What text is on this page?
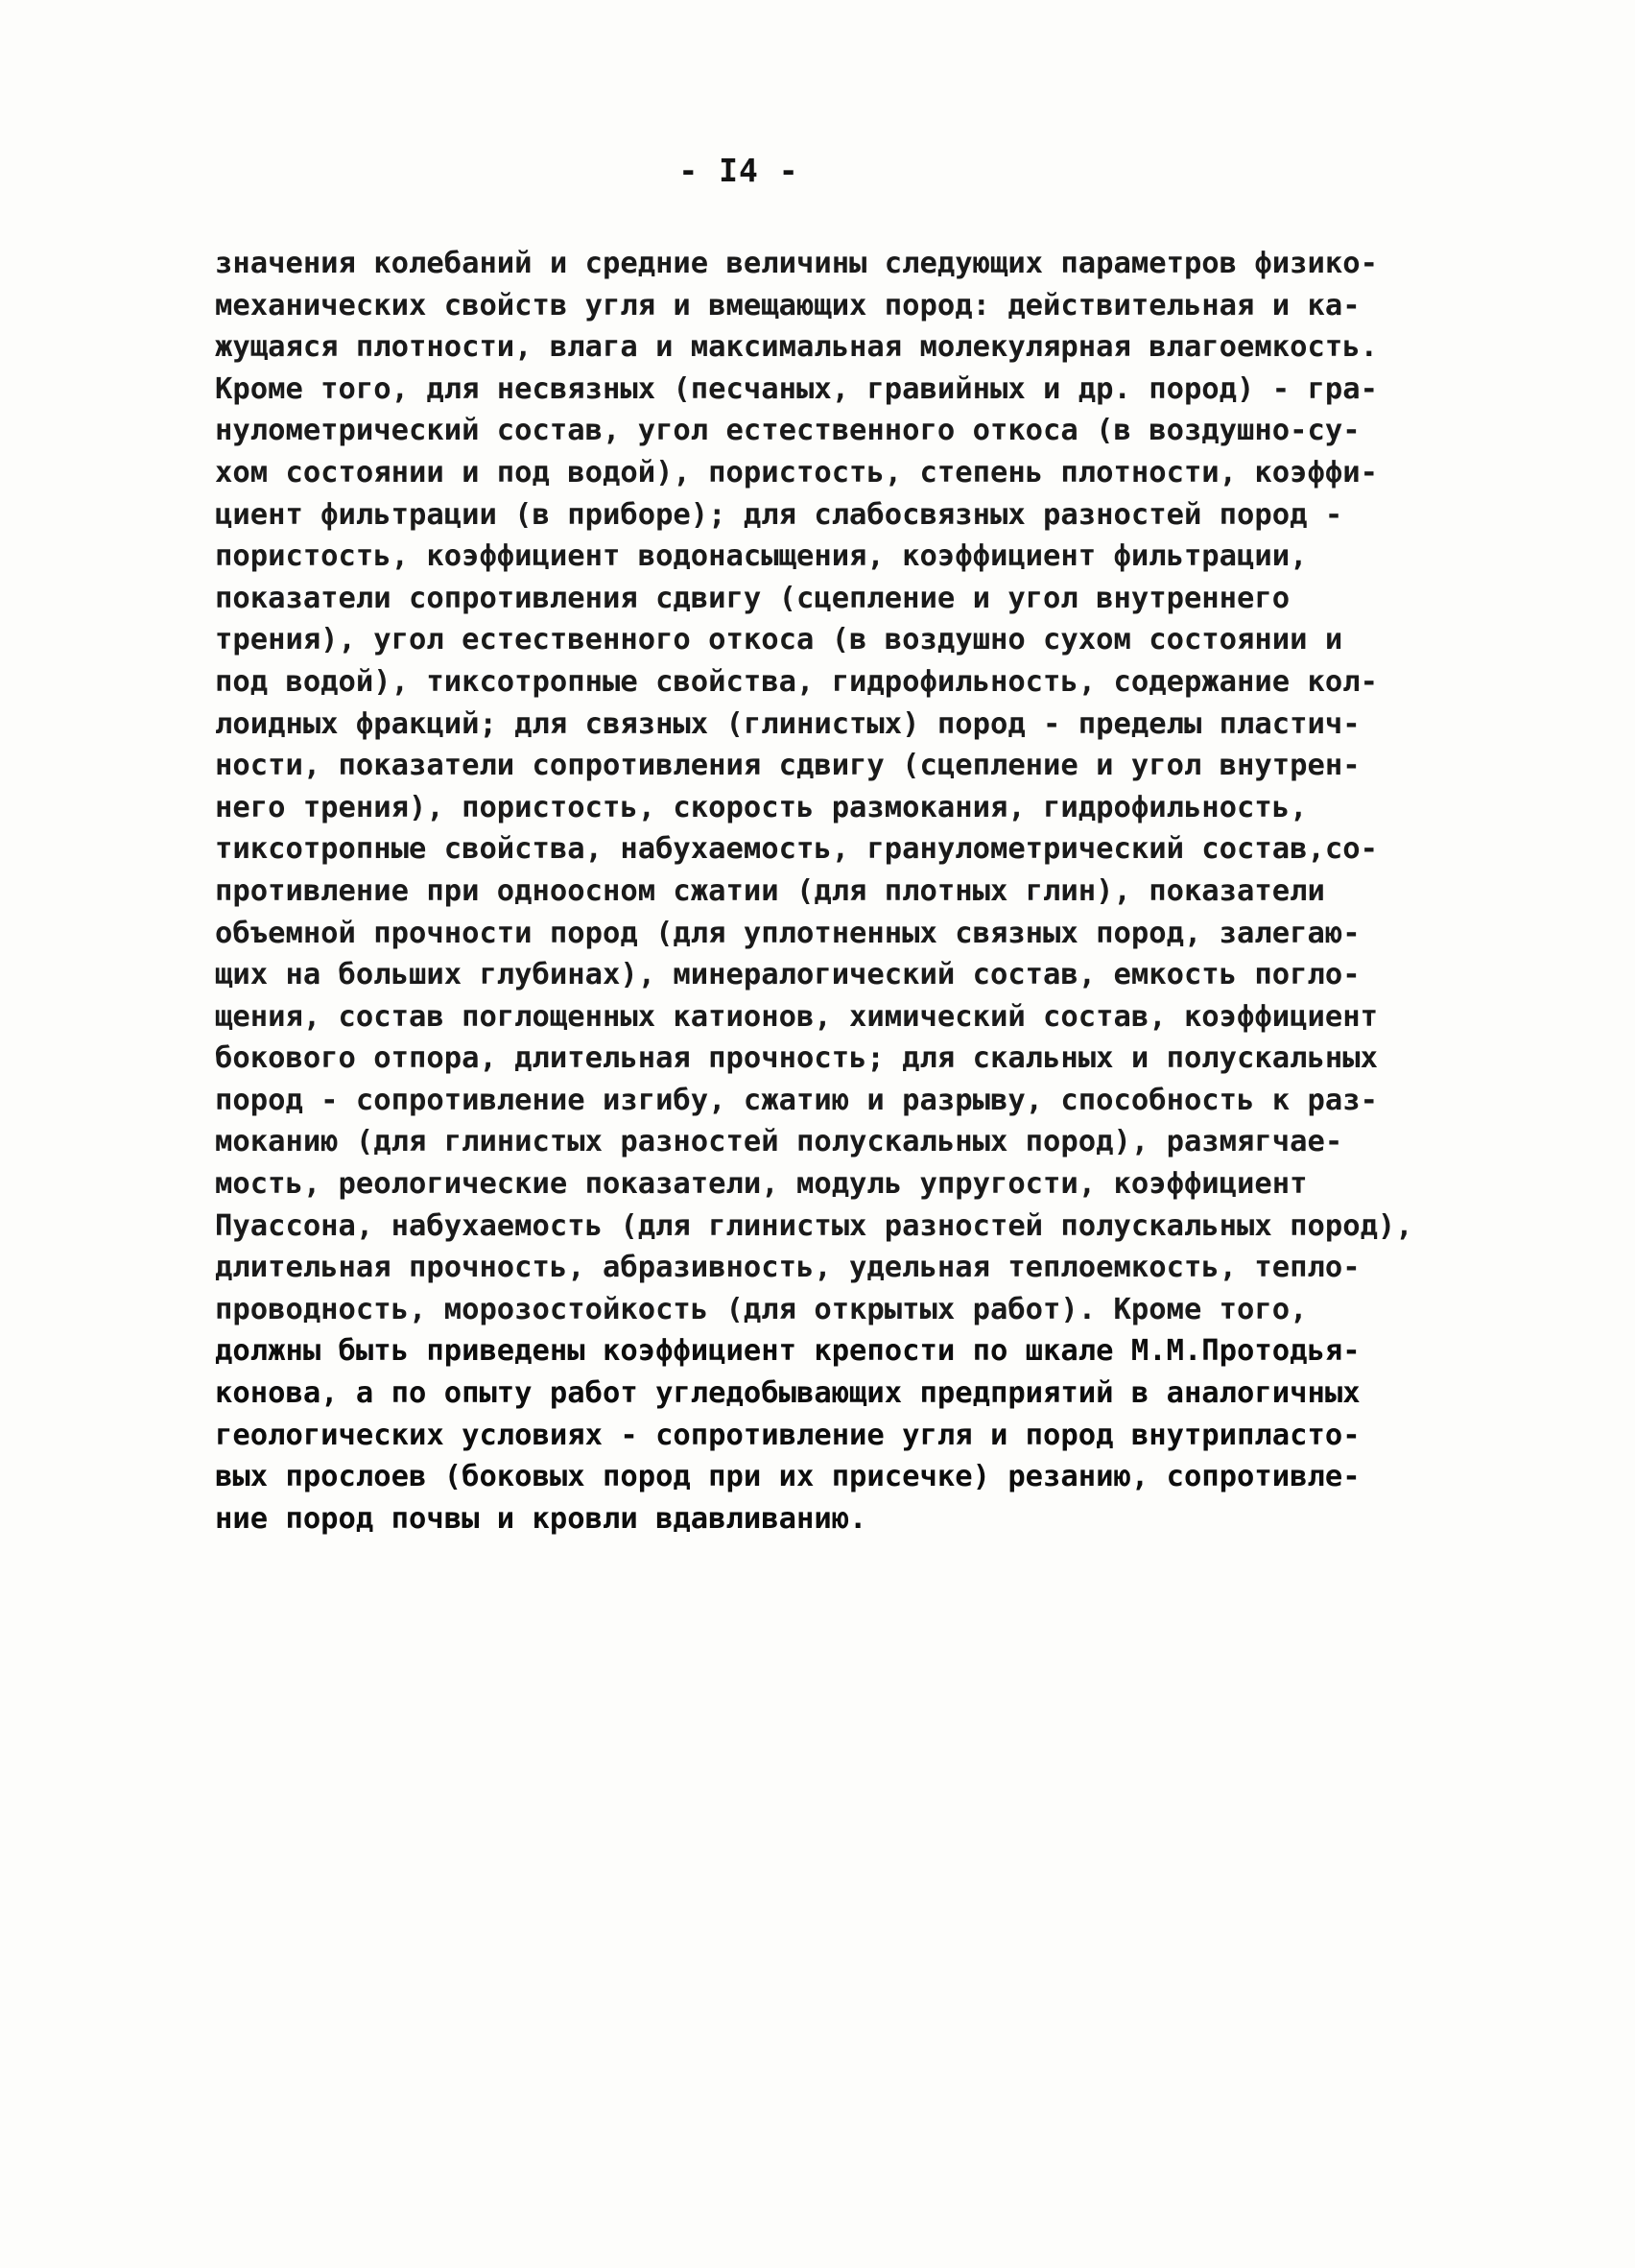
- I4 -
значения колебаний и средние величины следующих параметров физико-
механических свойств угля и вмещающих пород: действительная и ка-
жущаяся плотности, влага и максимальная молекулярная влагоемкость.
Кроме того, для несвязных (песчаных, гравийных и др. пород) - гра-
нулометрический состав, угол естественного откоса (в воздушно-су-
хом состоянии и под водой), пористость, степень плотности, коэффи-
циент фильтрации (в приборе); для слабосвязных разностей пород -
пористость, коэффициент водонасыщения, коэффициент фильтрации,
показатели сопротивления сдвигу (сцепление и угол внутреннего
трения), угол естественного откоса (в воздушно сухом состоянии и
под водой), тиксотропные свойства, гидрофильность, содержание кол-
лоидных фракций; для связных (глинистых) пород - пределы пластич-
ности, показатели сопротивления сдвигу (сцепление и угол внутрен-
него трения), пористость, скорость размокания, гидрофильность,
тиксотропные свойства, набухаемость, гранулометрический состав,со-
противление при одноосном сжатии (для плотных глин), показатели
объемной прочности пород (для уплотненных связных пород, залегаю-
щих на больших глубинах), минералогический состав, емкость погло-
щения, состав поглощенных катионов, химический состав, коэффициент
бокового отпора, длительная прочность; для скальных и полускальных
пород - сопротивление изгибу, сжатию и разрыву, способность к раз-
моканию (для глинистых разностей полускальных пород), размягчае-
мость, реологические показатели, модуль упругости, коэффициент
Пуассона, набухаемость (для глинистых разностей полускальных пород),
длительная прочность, абразивность, удельная теплоемкость, тепло-
проводность, морозостойкость (для открытых работ). Кроме того,
должны быть приведены коэффициент крепости по шкале М.М.Протодья-
конова, а по опыту работ угледобывающих предприятий в аналогичных
геологических условиях - сопротивление угля и пород внутрипласто-
вых прослоев (боковых пород при их присечке) резанию, сопротивле-
ние пород почвы и кровли вдавливанию.
